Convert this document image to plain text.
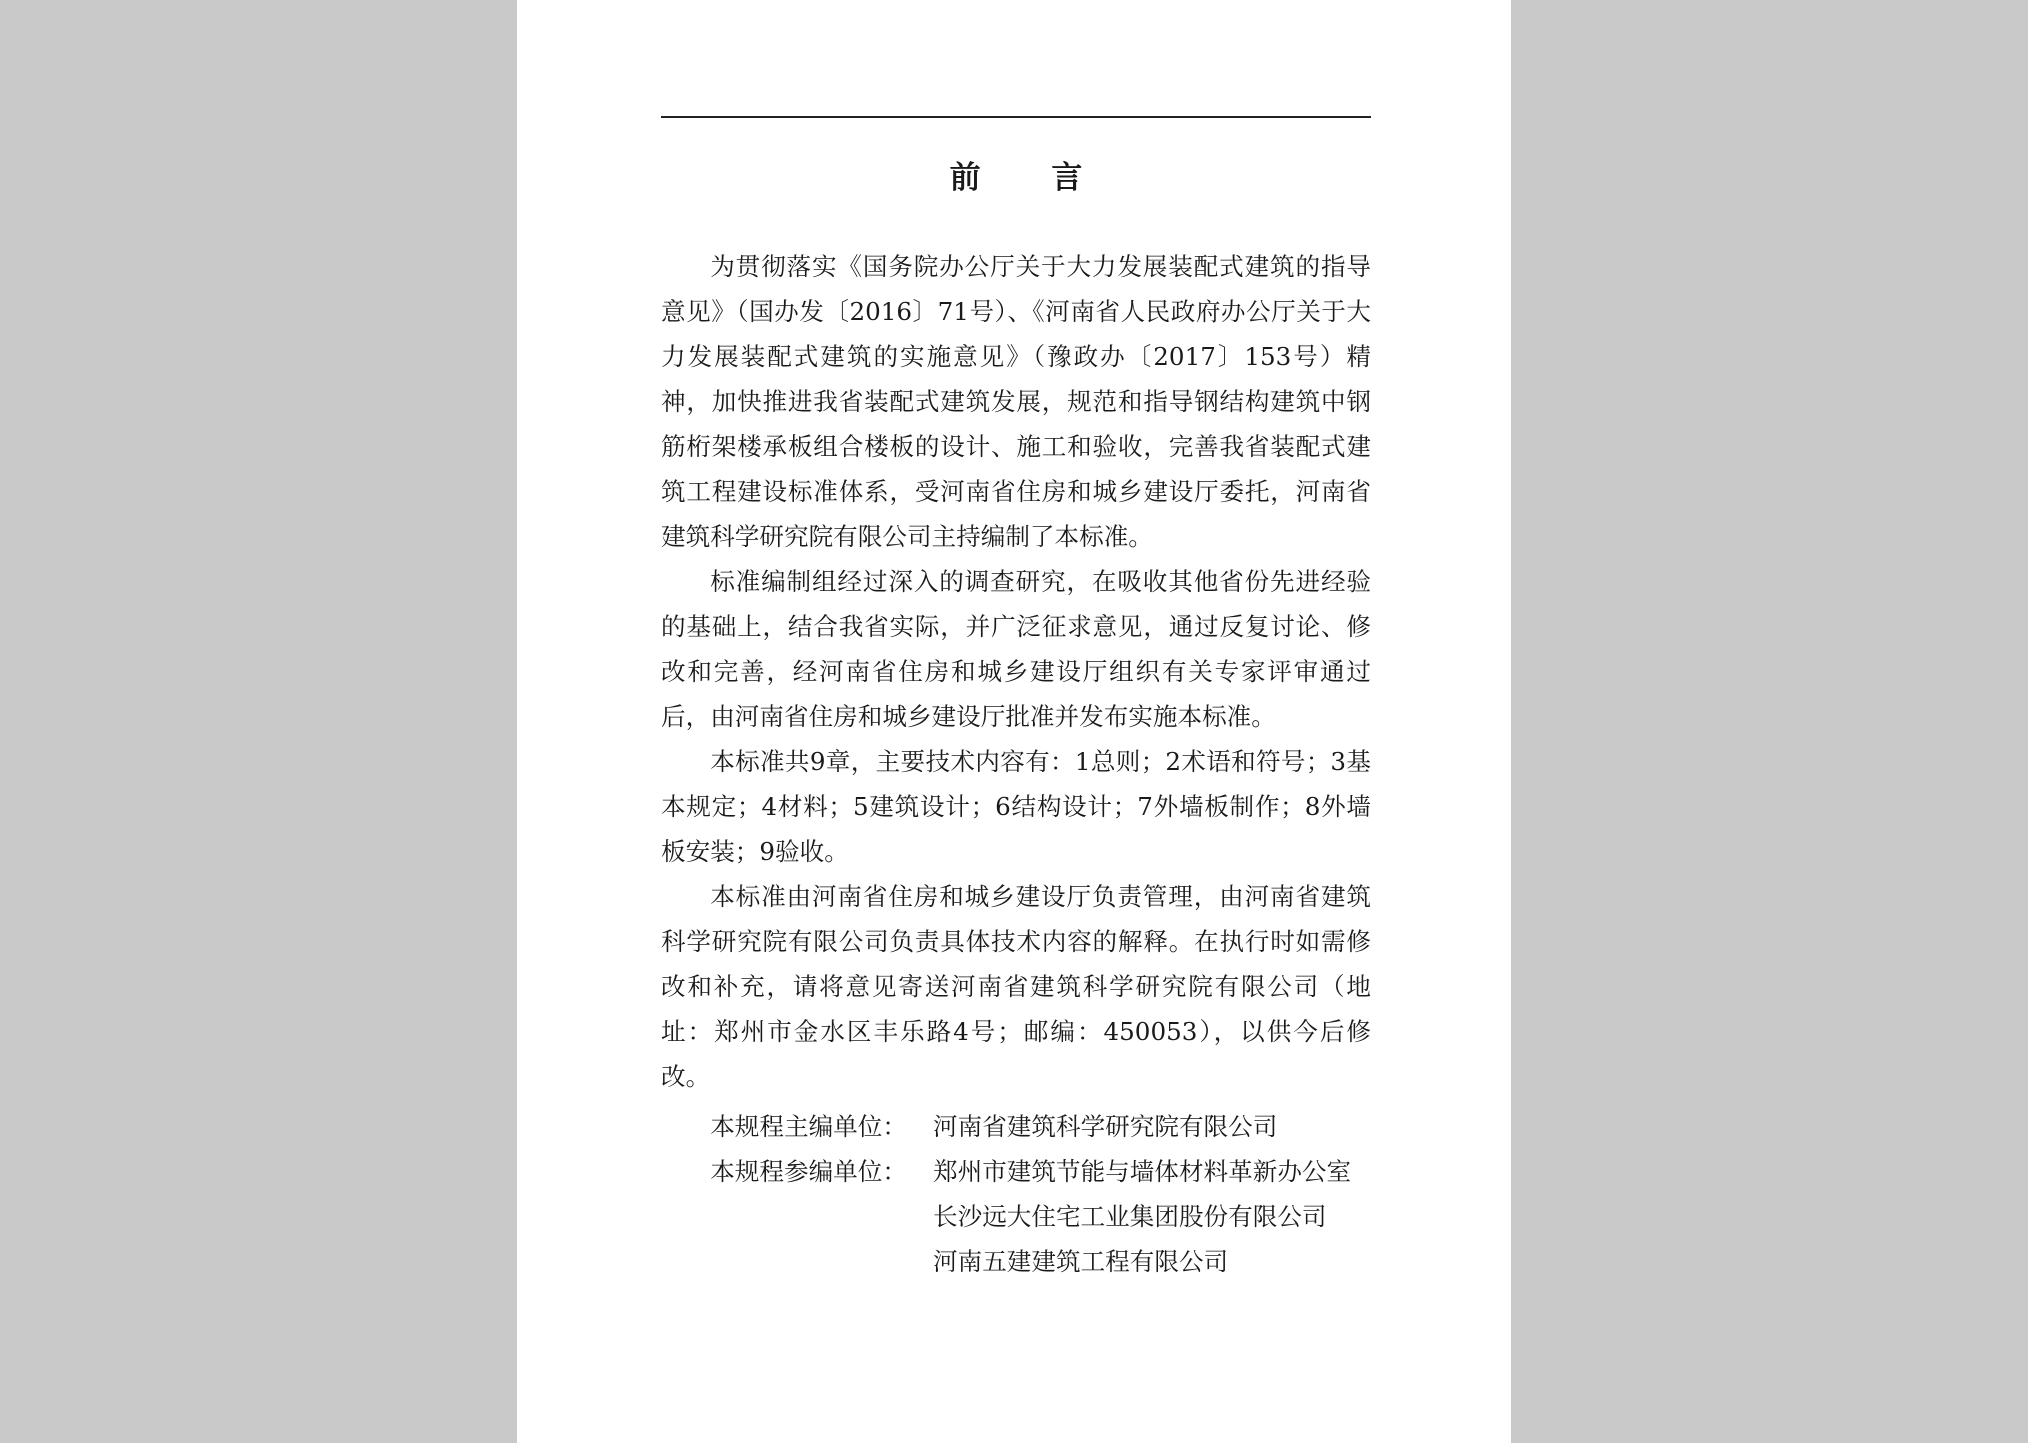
前 言

为贯彻落实《国务院办公厅关于大力发展装配式建筑的指导意见》（国办发〔2016〕71号）、《河南省人民政府办公厅关于大力发展装配式建筑的实施意见》（豫政办〔2017〕153号）精神，加快推进我省装配式建筑发展，规范和指导钢结构建筑中钢筋桁架楼承板组合楼板的设计、施工和验收，完善我省装配式建筑工程建设标准体系，受河南省住房和城乡建设厅委托，河南省建筑科学研究院有限公司主持编制了本标准。

标准编制组经过深入的调查研究，在吸收其他省份先进经验的基础上，结合我省实际，并广泛征求意见，通过反复讨论、修改和完善，经河南省住房和城乡建设厅组织有关专家评审通过后，由河南省住房和城乡建设厅批准并发布实施本标准。

本标准共9章，主要技术内容有：1总则；2术语和符号；3基本规定；4材料；5建筑设计；6结构设计；7外墙板制作；8外墙板安装；9验收。

本标准由河南省住房和城乡建设厅负责管理，由河南省建筑科学研究院有限公司负责具体技术内容的解释。在执行时如需修改和补充，请将意见寄送河南省建筑科学研究院有限公司（地址：郑州市金水区丰乐路4号；邮编：450053），以供今后修改。

本规程主编单位：	河南省建筑科学研究院有限公司
本规程参编单位：	郑州市建筑节能与墙体材料革新办公室
长沙远大住宅工业集团股份有限公司
河南五建建筑工程有限公司
